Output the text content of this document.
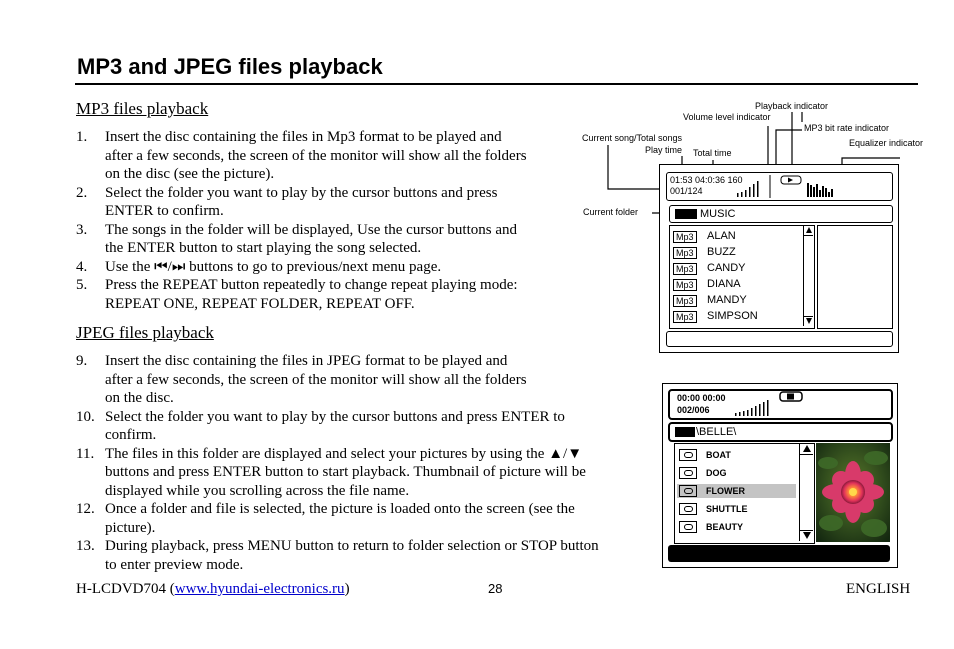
MP3 and JPEG files playback
MP3 files playback
1. Insert the disc containing the files in Mp3 format to be played and
after a few seconds, the screen of the monitor will show all the folders
on the disc (see the picture).
2. Select the folder you want to play by the cursor buttons and press
ENTER to confirm.
3. The songs in the folder will be displayed, Use the cursor buttons and
the ENTER button to start playing the song selected.
4. Use the ⏮/⏭ buttons to go to previous/next menu page.
5. Press the REPEAT button repeatedly to change repeat playing mode:
REPEAT ONE, REPEAT FOLDER, REPEAT OFF.
JPEG files playback
9. Insert the disc containing the files in JPEG format to be played and
after a few seconds, the screen of the monitor will show all the folders
on the disc.
10. Select the folder you want to play by the cursor buttons and press ENTER to
confirm.
11. The files in this folder are displayed and select your pictures by using the ▲/▼
buttons and press ENTER button to start playback. Thumbnail of picture will be
displayed while you scrolling across the file name.
12. Once a folder and file is selected, the picture is loaded onto the screen (see the
picture).
13. During playback, press MENU button to return to folder selection or STOP button
to enter preview mode.
Playback indicator
Volume level indicator
MP3 bit rate indicator
Current song/Total songs	Equalizer indicator
Play time Total time
Current folder
01:53 04:0:36 160
001/124
MUSIC
Mp3 ALAN
Mp3 BUZZ
Mp3 CANDY
Mp3 DIANA
Mp3 MANDY
Mp3 SIMPSON
00:00 00:00
002/006
\BELLE\
BOAT
DOG
FLOWER
SHUTTLE
BEAUTY
H-LCDVD704 (www.hyundai-electronics.ru)	28	ENGLISH
